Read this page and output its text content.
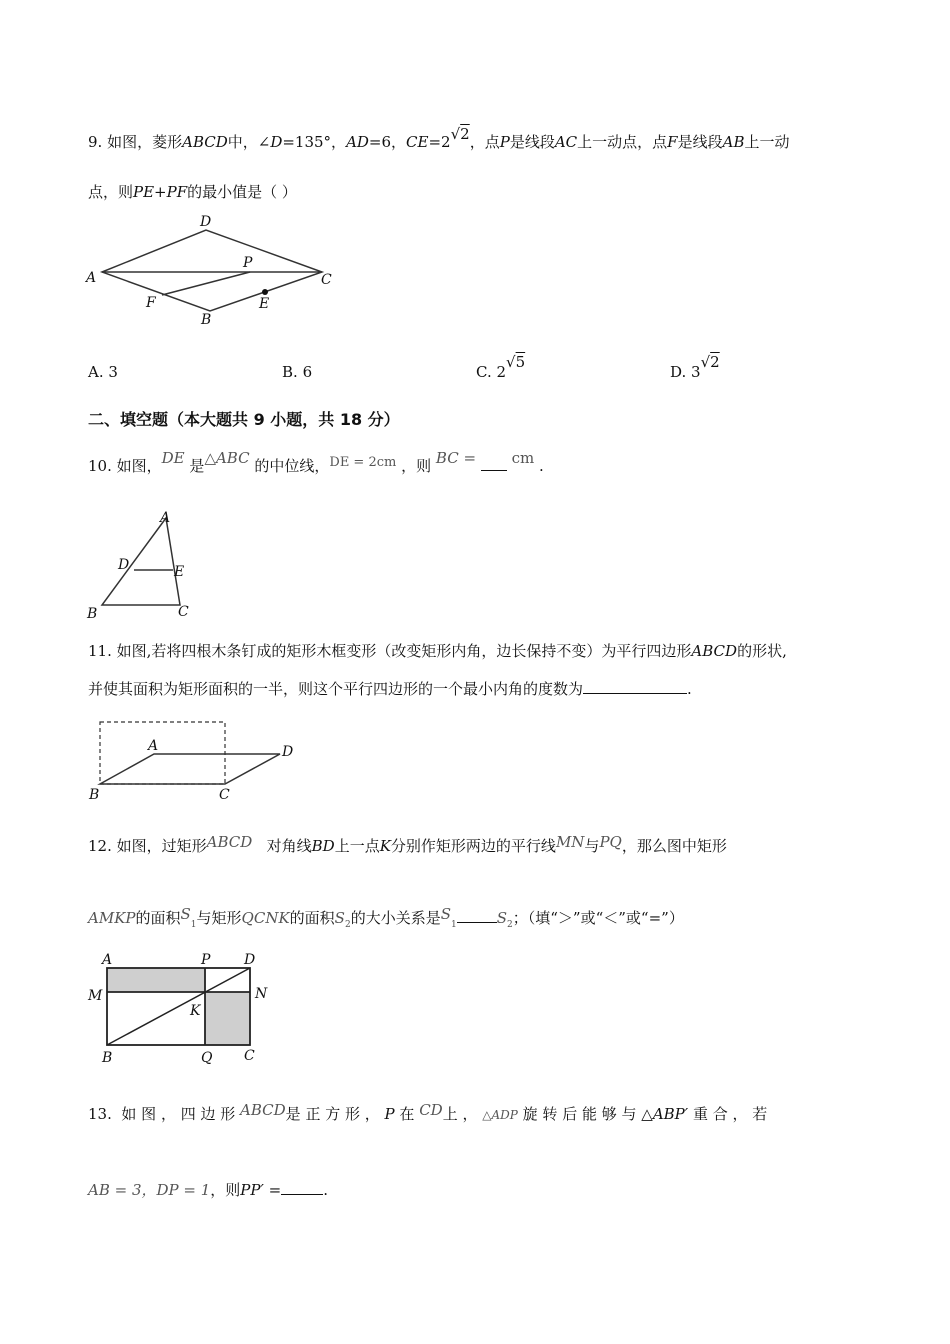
9. 如图，菱形ABCD中，∠D=135°，AD=6，CE=2√2，点P是线段AC上一动点，点F是线段AB上一动
点，则PE+PF的最小值是（ ）
A
D
C
B
F	E
P
A. 3	B. 6	C. 2√5
D. 3√2
二、填空题（本大题共 9 小题，共 18 分）
10. 如图，DE 是△ABC 的中位线，DE = 2cm ，则 BC = cm .
A
D	E
B	C
11. 如图,若将四根木条钉成的矩形木框变形（改变矩形内角，边长保持不变）为平行四边形ABCD的形状,
并使其面积为矩形面积的一半，则这个平行四边形的一个最小内角的度数为	.
A	D
B	C
12. 如图，过矩形ABCD 对角线BD上一点K分别作矩形两边的平行线MN与PQ，那么图中矩形
AMKP的面积$S_1$与矩形QCNK的面积$S_2$的大小关系是$S_1$	$S_2$；（填“＞”或“＜”或“=”）
A	P D
M	N
K
B	Q C
13. 如 图 ， 四 边 形 ABCD是 正 方 形 ， P 在 CD上 ， △ADP 旋 转 后 能 够 与 △ABP′ 重 合 ， 若
AB = 3，DP = 1，则PP′ =	.
